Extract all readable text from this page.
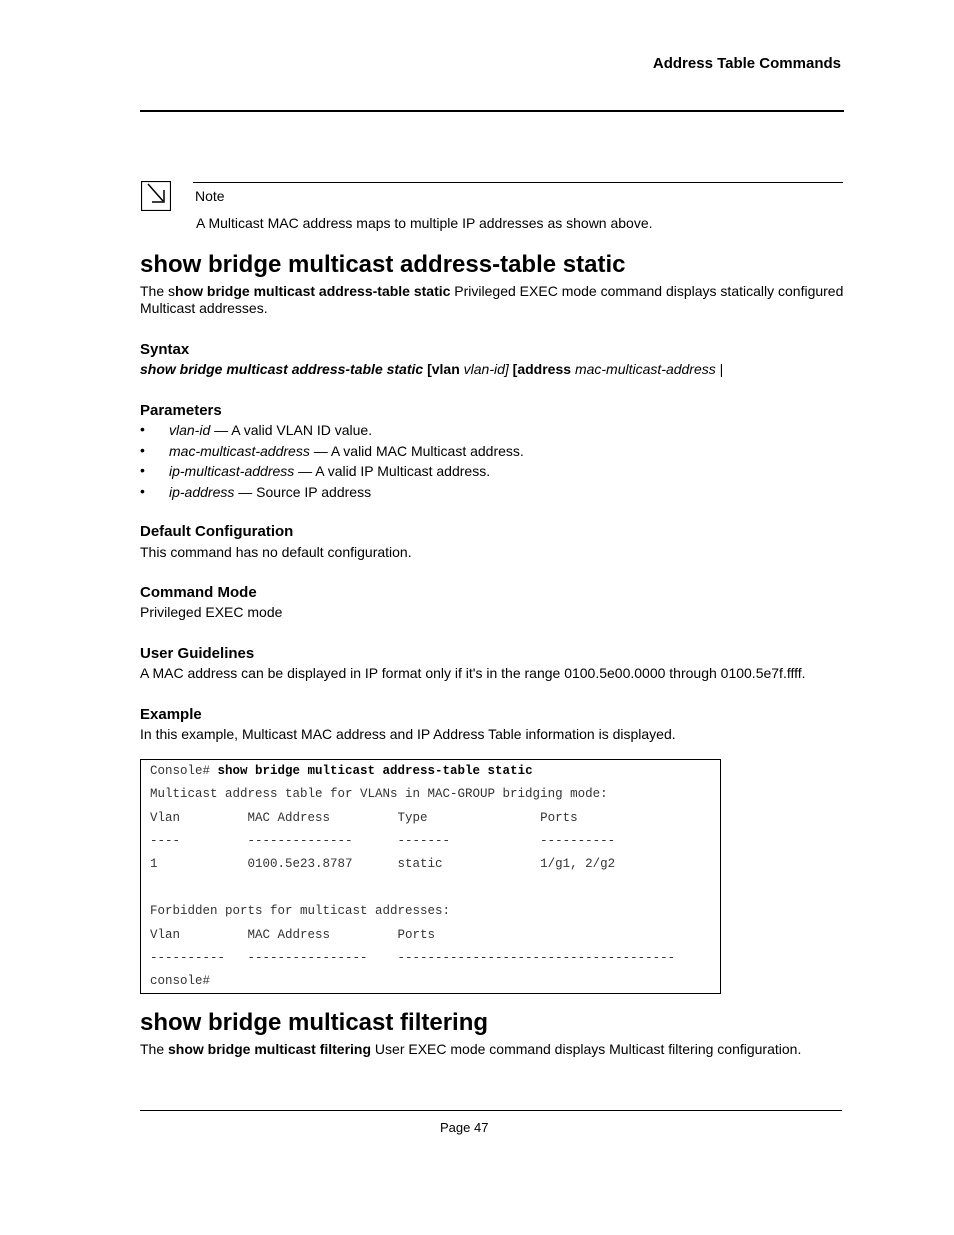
Address Table Commands
Note
A Multicast MAC address maps to multiple IP addresses as shown above.
show bridge multicast address-table static
The show bridge multicast address-table static Privileged EXEC mode command displays statically configured Multicast addresses.
Syntax
show bridge multicast address-table static [vlan vlan-id] [address mac-multicast-address |
Parameters
• vlan-id — A valid VLAN ID value.
• mac-multicast-address — A valid MAC Multicast address.
• ip-multicast-address — A valid IP Multicast address.
• ip-address — Source IP address
Default Configuration
This command has no default configuration.
Command Mode
Privileged EXEC mode
User Guidelines
A MAC address can be displayed in IP format only if it's in the range 0100.5e00.0000 through 0100.5e7f.ffff.
Example
In this example, Multicast MAC address and IP Address Table information is displayed.
Console# show bridge multicast address-table static
Multicast address table for VLANs in MAC-GROUP bridging mode:
Vlan         MAC Address         Type               Ports
----         --------------      -------            ----------
1            0100.5e23.8787      static             1/g1, 2/g2
Forbidden ports for multicast addresses:
Vlan         MAC Address         Ports
----------   ----------------    -------------------------------------
console#
show bridge multicast filtering
The show bridge multicast filtering User EXEC mode command displays Multicast filtering configuration.
Page 47
